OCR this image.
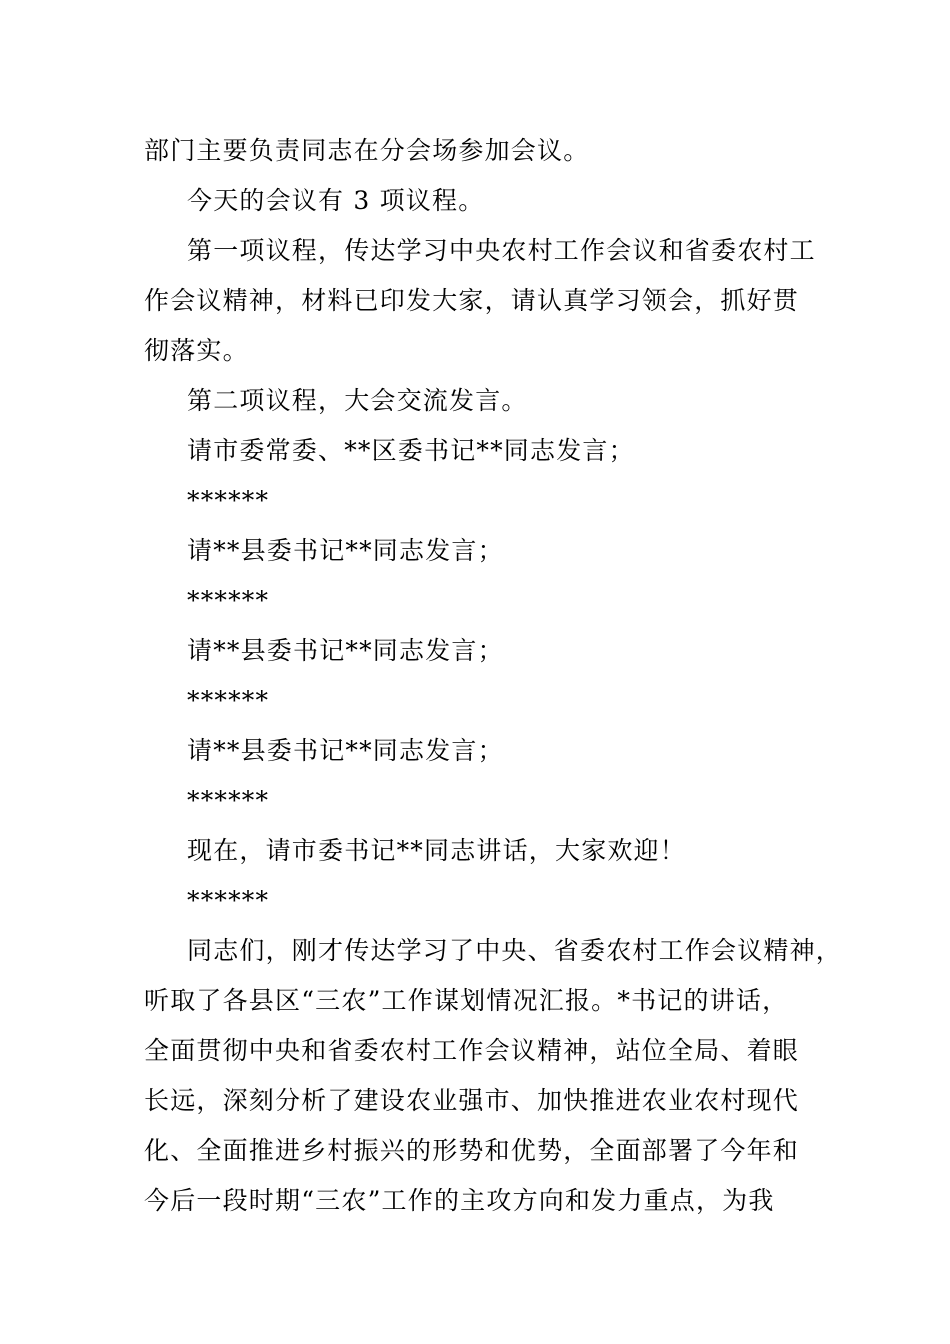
部门主要负责同志在分会场参加会议。
今天的会议有 3 项议程。
第一项议程，传达学习中央农村工作会议和省委农村工
作会议精神，材料已印发大家，请认真学习领会，抓好贯
彻落实。
第二项议程，大会交流发言。
请市委常委、**区委书记**同志发言；
******
请**县委书记**同志发言；
******
请**县委书记**同志发言；
******
请**县委书记**同志发言；
******
现在，请市委书记**同志讲话，大家欢迎！
******
同志们，刚才传达学习了中央、省委农村工作会议精神，
听取了各县区“三农”工作谋划情况汇报。*书记的讲话，
全面贯彻中央和省委农村工作会议精神，站位全局、着眼
长远，深刻分析了建设农业强市、加快推进农业农村现代
化、全面推进乡村振兴的形势和优势，全面部署了今年和
今后一段时期“三农”工作的主攻方向和发力重点，为我
